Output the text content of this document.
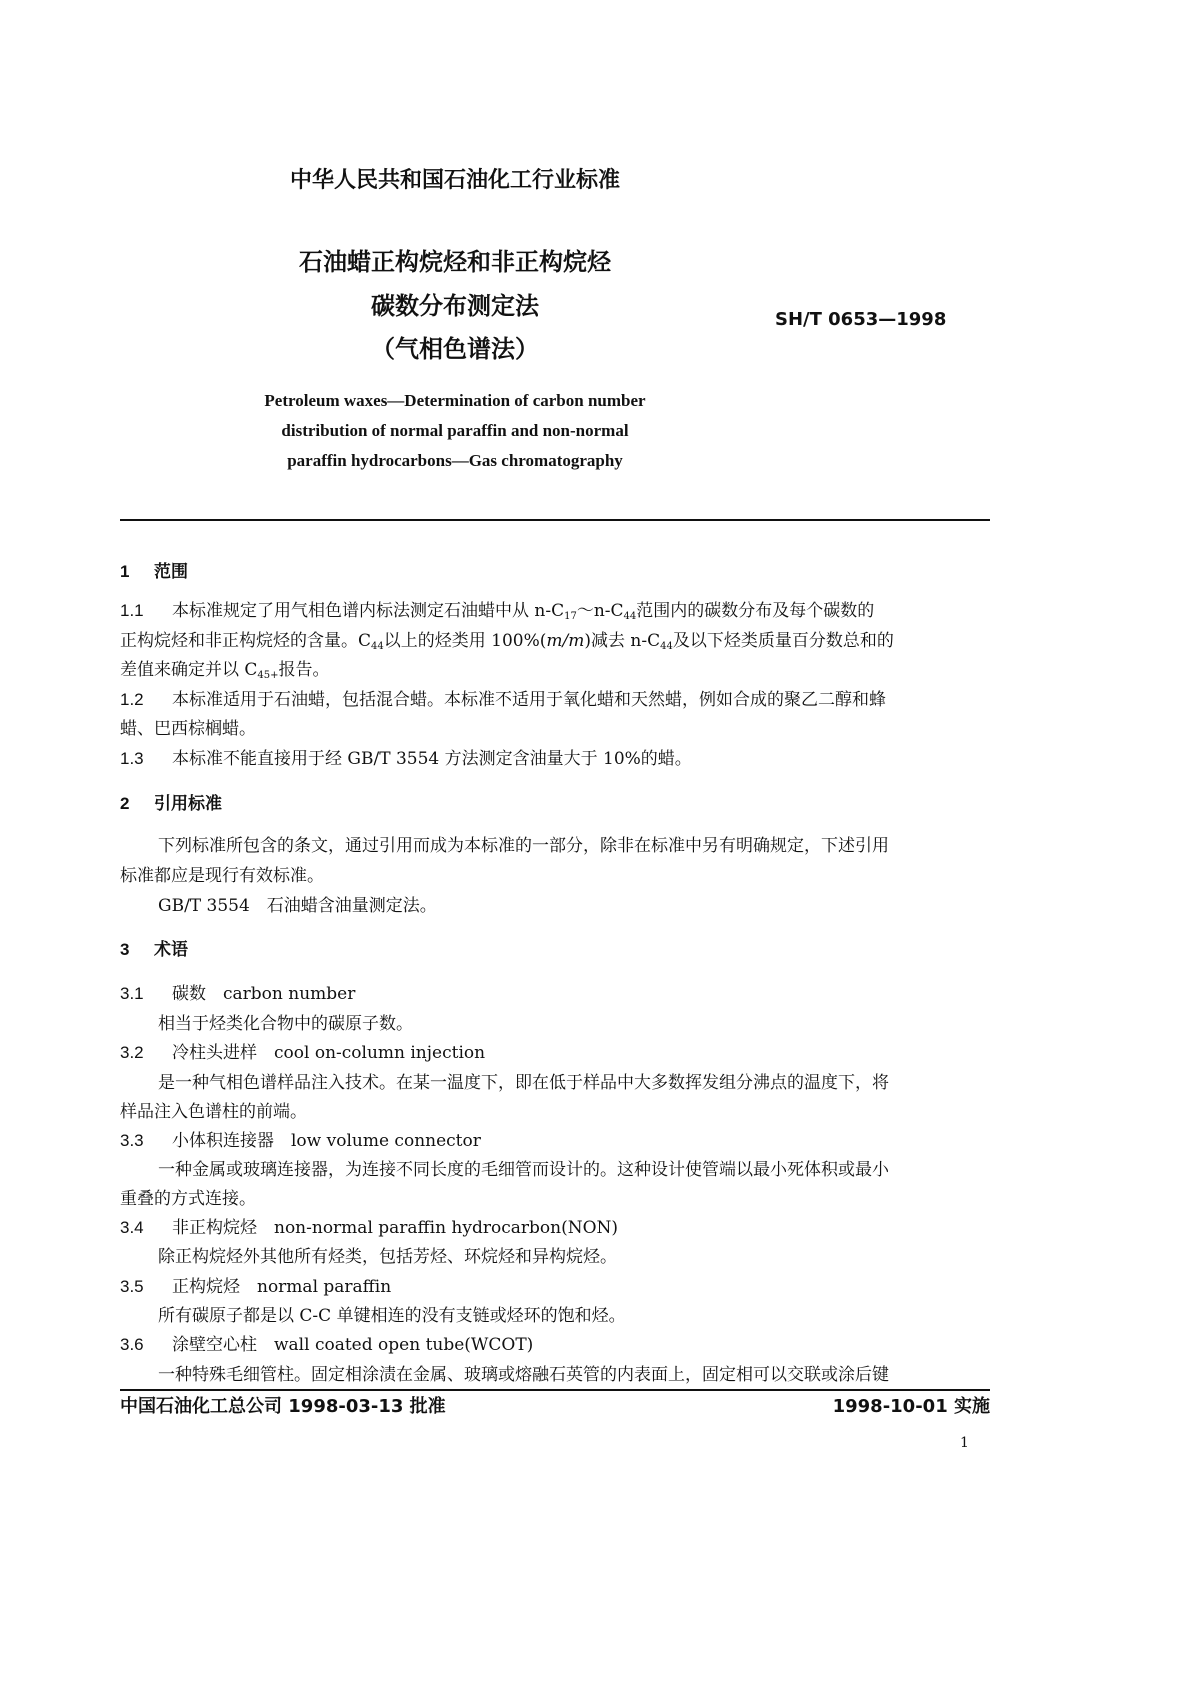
中华人民共和国石油化工行业标准
石油蜡正构烷烃和非正构烷烃
碳数分布测定法
（气相色谱法）
SH/T 0653—1998
Petroleum waxes—Determination of carbon number
distribution of normal paraffin and non-normal
paraffin hydrocarbons—Gas chromatography
1 范围
1.1 本标准规定了用气相色谱内标法测定石油蜡中从 $n-C_{17}\sim n-C_{44}$范围内的碳数分布及每个碳数的
正构烷烃和非正构烷烃的含量。$C_{44}$以上的烃类用 100%(m/m)减去 $n-C_{44}$及以下烃类质量百分数总和的
差值来确定并以 $C_{45+}$报告。
1.2 本标准适用于石油蜡，包括混合蜡。本标准不适用于氧化蜡和天然蜡，例如合成的聚乙二醇和蜂
蜡、巴西棕榈蜡。
1.3 本标准不能直接用于经 GB/T 3554 方法测定含油量大于 10%的蜡。
2 引用标准
下列标准所包含的条文，通过引用而成为本标准的一部分，除非在标准中另有明确规定，下述引用
标准都应是现行有效标准。
GB/T 3554　石油蜡含油量测定法。
3 术语
3.1 碳数　 carbon number
相当于烃类化合物中的碳原子数。
3.2 冷柱头进样　 cool on-column injection
是一种气相色谱样品注入技术。在某一温度下，即在低于样品中大多数挥发组分沸点的温度下，将
样品注入色谱柱的前端。
3.3 小体积连接器　 low volume connector
一种金属或玻璃连接器，为连接不同长度的毛细管而设计的。这种设计使管端以最小死体积或最小
重叠的方式连接。
3.4 非正构烷烃　 non-normal paraffin hydrocarbon(NON)
除正构烷烃外其他所有烃类，包括芳烃、环烷烃和异构烷烃。
3.5 正构烷烃　 normal paraffin
所有碳原子都是以 C-C 单键相连的没有支链或烃环的饱和烃。
3.6 涂壁空心柱　 wall coated open tube(WCOT)
一种特殊毛细管柱。固定相涂渍在金属、玻璃或熔融石英管的内表面上，固定相可以交联或涂后键
中国石油化工总公司 1998-03-13 批准	1998-10-01 实施
1
